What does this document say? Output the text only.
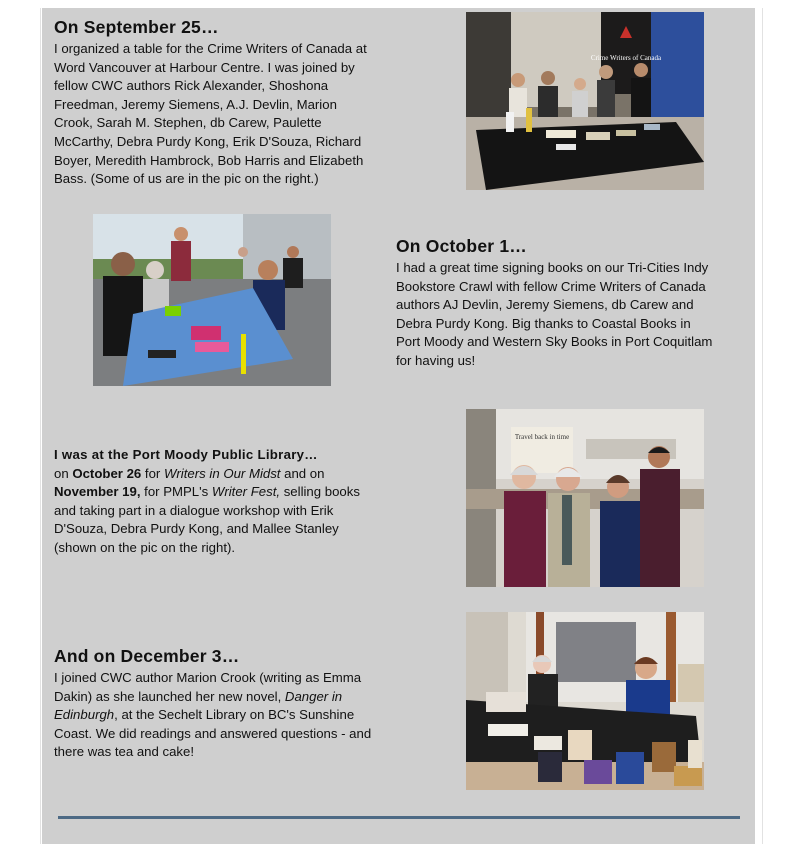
On September 25…
I organized a table for the Crime Writers of Canada at
Word Vancouver at Harbour Centre. I was joined by
fellow CWC authors Rick Alexander, Shoshona
Freedman, Jeremy Siemens, A.J. Devlin, Marion
Crook, Sarah M. Stephen, db Carew, Paulette
McCarthy, Debra Purdy Kong, Erik D'Souza, Richard
Boyer, Meredith Hambrock, Bob Harris and Elizabeth
Bass. (Some of us are in the pic on the right.)
Crime Writers of Canada
On October 1…
I had a great time signing books on our Tri-Cities Indy
Bookstore Crawl with fellow Crime Writers of Canada
authors AJ Devlin, Jeremy Siemens, db Carew and
Debra Purdy Kong. Big thanks to Coastal Books in
Port Moody and Western Sky Books in Port Coquitlam
for having us!
I was at the Port Moody Public Library…
on October 26 for Writers in Our Midst and on
November 19, for PMPL's Writer Fest, selling books
and taking part in a dialogue workshop with Erik
D'Souza, Debra Purdy Kong, and Mallee Stanley
(shown on the pic on the right).
Travel back in time
And on December 3…
I joined CWC author Marion Crook (writing as Emma
Dakin) as she launched her new novel, Danger in
Edinburgh, at the Sechelt Library on BC's Sunshine
Coast. We did readings and answered questions - and
there was tea and cake!
